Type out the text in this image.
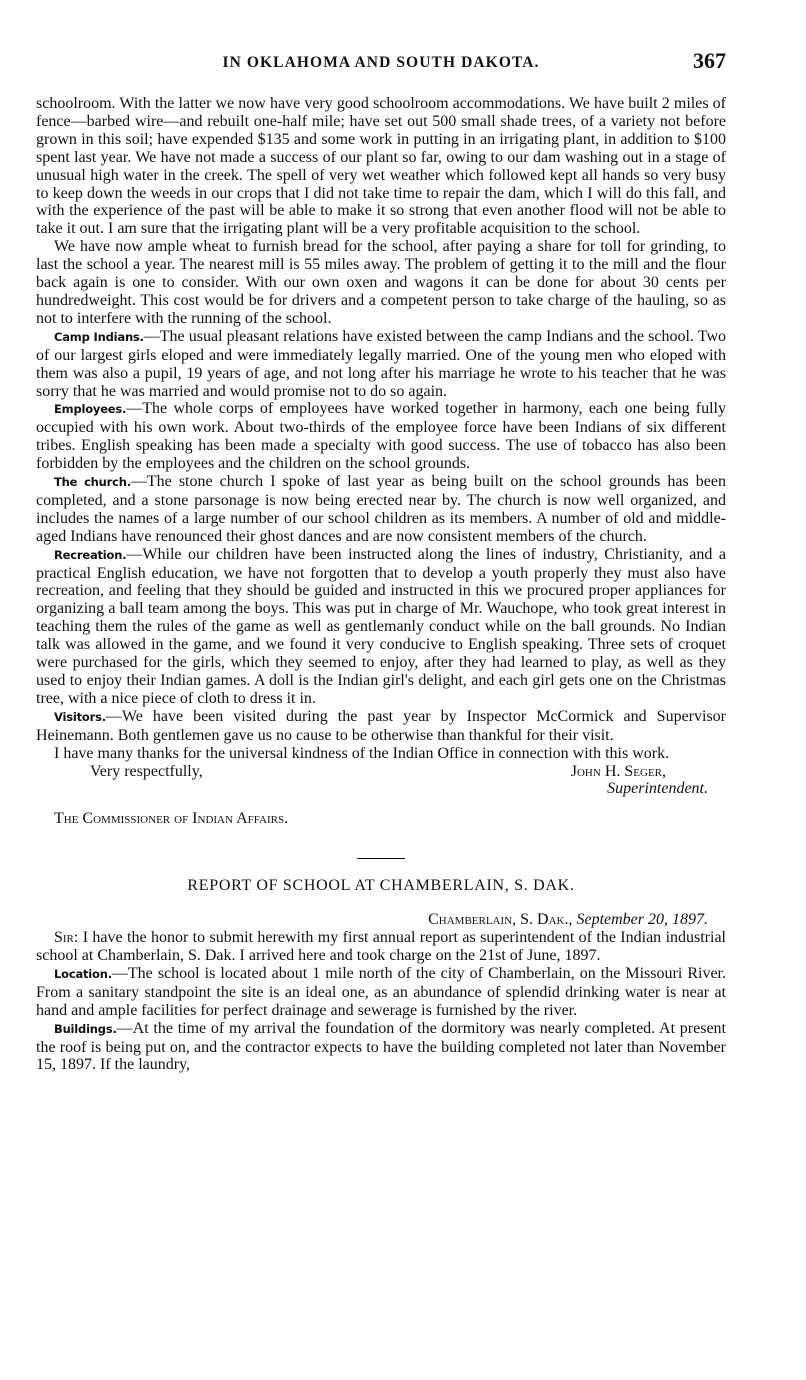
IN OKLAHOMA AND SOUTH DAKOTA.	367

schoolroom. With the latter we now have very good schoolroom accommodations. We have built 2 miles of fence—barbed wire—and rebuilt one-half mile; have set out 500 small shade trees, of a variety not before grown in this soil; have expended $135 and some work in putting in an irrigating plant, in addition to $100 spent last year. We have not made a success of our plant so far, owing to our dam washing out in a stage of unusual high water in the creek. The spell of very wet weather which followed kept all hands so very busy to keep down the weeds in our crops that I did not take time to repair the dam, which I will do this fall, and with the experience of the past will be able to make it so strong that even another flood will not be able to take it out. I am sure that the irrigating plant will be a very profitable acquisition to the school.

We have now ample wheat to furnish bread for the school, after paying a share for toll for grinding, to last the school a year. The nearest mill is 55 miles away. The problem of getting it to the mill and the flour back again is one to consider. With our own oxen and wagons it can be done for about 30 cents per hundredweight. This cost would be for drivers and a competent person to take charge of the hauling, so as not to interfere with the running of the school.

Camp Indians.—The usual pleasant relations have existed between the camp Indians and the school. Two of our largest girls eloped and were immediately legally married. One of the young men who eloped with them was also a pupil, 19 years of age, and not long after his marriage he wrote to his teacher that he was sorry that he was married and would promise not to do so again.

Employees.—The whole corps of employees have worked together in harmony, each one being fully occupied with his own work. About two-thirds of the employee force have been Indians of six different tribes. English speaking has been made a specialty with good success. The use of tobacco has also been forbidden by the employees and the children on the school grounds.

The church.—The stone church I spoke of last year as being built on the school grounds has been completed, and a stone parsonage is now being erected near by. The church is now well organized, and includes the names of a large number of our school children as its members. A number of old and middle-aged Indians have renounced their ghost dances and are now consistent members of the church.

Recreation.—While our children have been instructed along the lines of industry, Christianity, and a practical English education, we have not forgotten that to develop a youth properly they must also have recreation, and feeling that they should be guided and instructed in this we procured proper appliances for organizing a ball team among the boys. This was put in charge of Mr. Wauchope, who took great interest in teaching them the rules of the game as well as gentlemanly conduct while on the ball grounds. No Indian talk was allowed in the game, and we found it very conducive to English speaking. Three sets of croquet were purchased for the girls, which they seemed to enjoy, after they had learned to play, as well as they used to enjoy their Indian games. A doll is the Indian girl's delight, and each girl gets one on the Christmas tree, with a nice piece of cloth to dress it in.

Visitors.—We have been visited during the past year by Inspector McCormick and Supervisor Heinemann. Both gentlemen gave us no cause to be otherwise than thankful for their visit.

I have many thanks for the universal kindness of the Indian Office in connection with this work.

Very respectfully,	John H. Seger,
Superintendent.
The Commissioner of Indian Affairs.
REPORT OF SCHOOL AT CHAMBERLAIN, S. DAK.
Chamberlain, S. Dak., September 20, 1897.

Sir: I have the honor to submit herewith my first annual report as superintendent of the Indian industrial school at Chamberlain, S. Dak. I arrived here and took charge on the 21st of June, 1897.

Location.—The school is located about 1 mile north of the city of Chamberlain, on the Missouri River. From a sanitary standpoint the site is an ideal one, as an abundance of splendid drinking water is near at hand and ample facilities for perfect drainage and sewerage is furnished by the river.

Buildings.—At the time of my arrival the foundation of the dormitory was nearly completed. At present the roof is being put on, and the contractor expects to have the building completed not later than November 15, 1897. If the laundry,
